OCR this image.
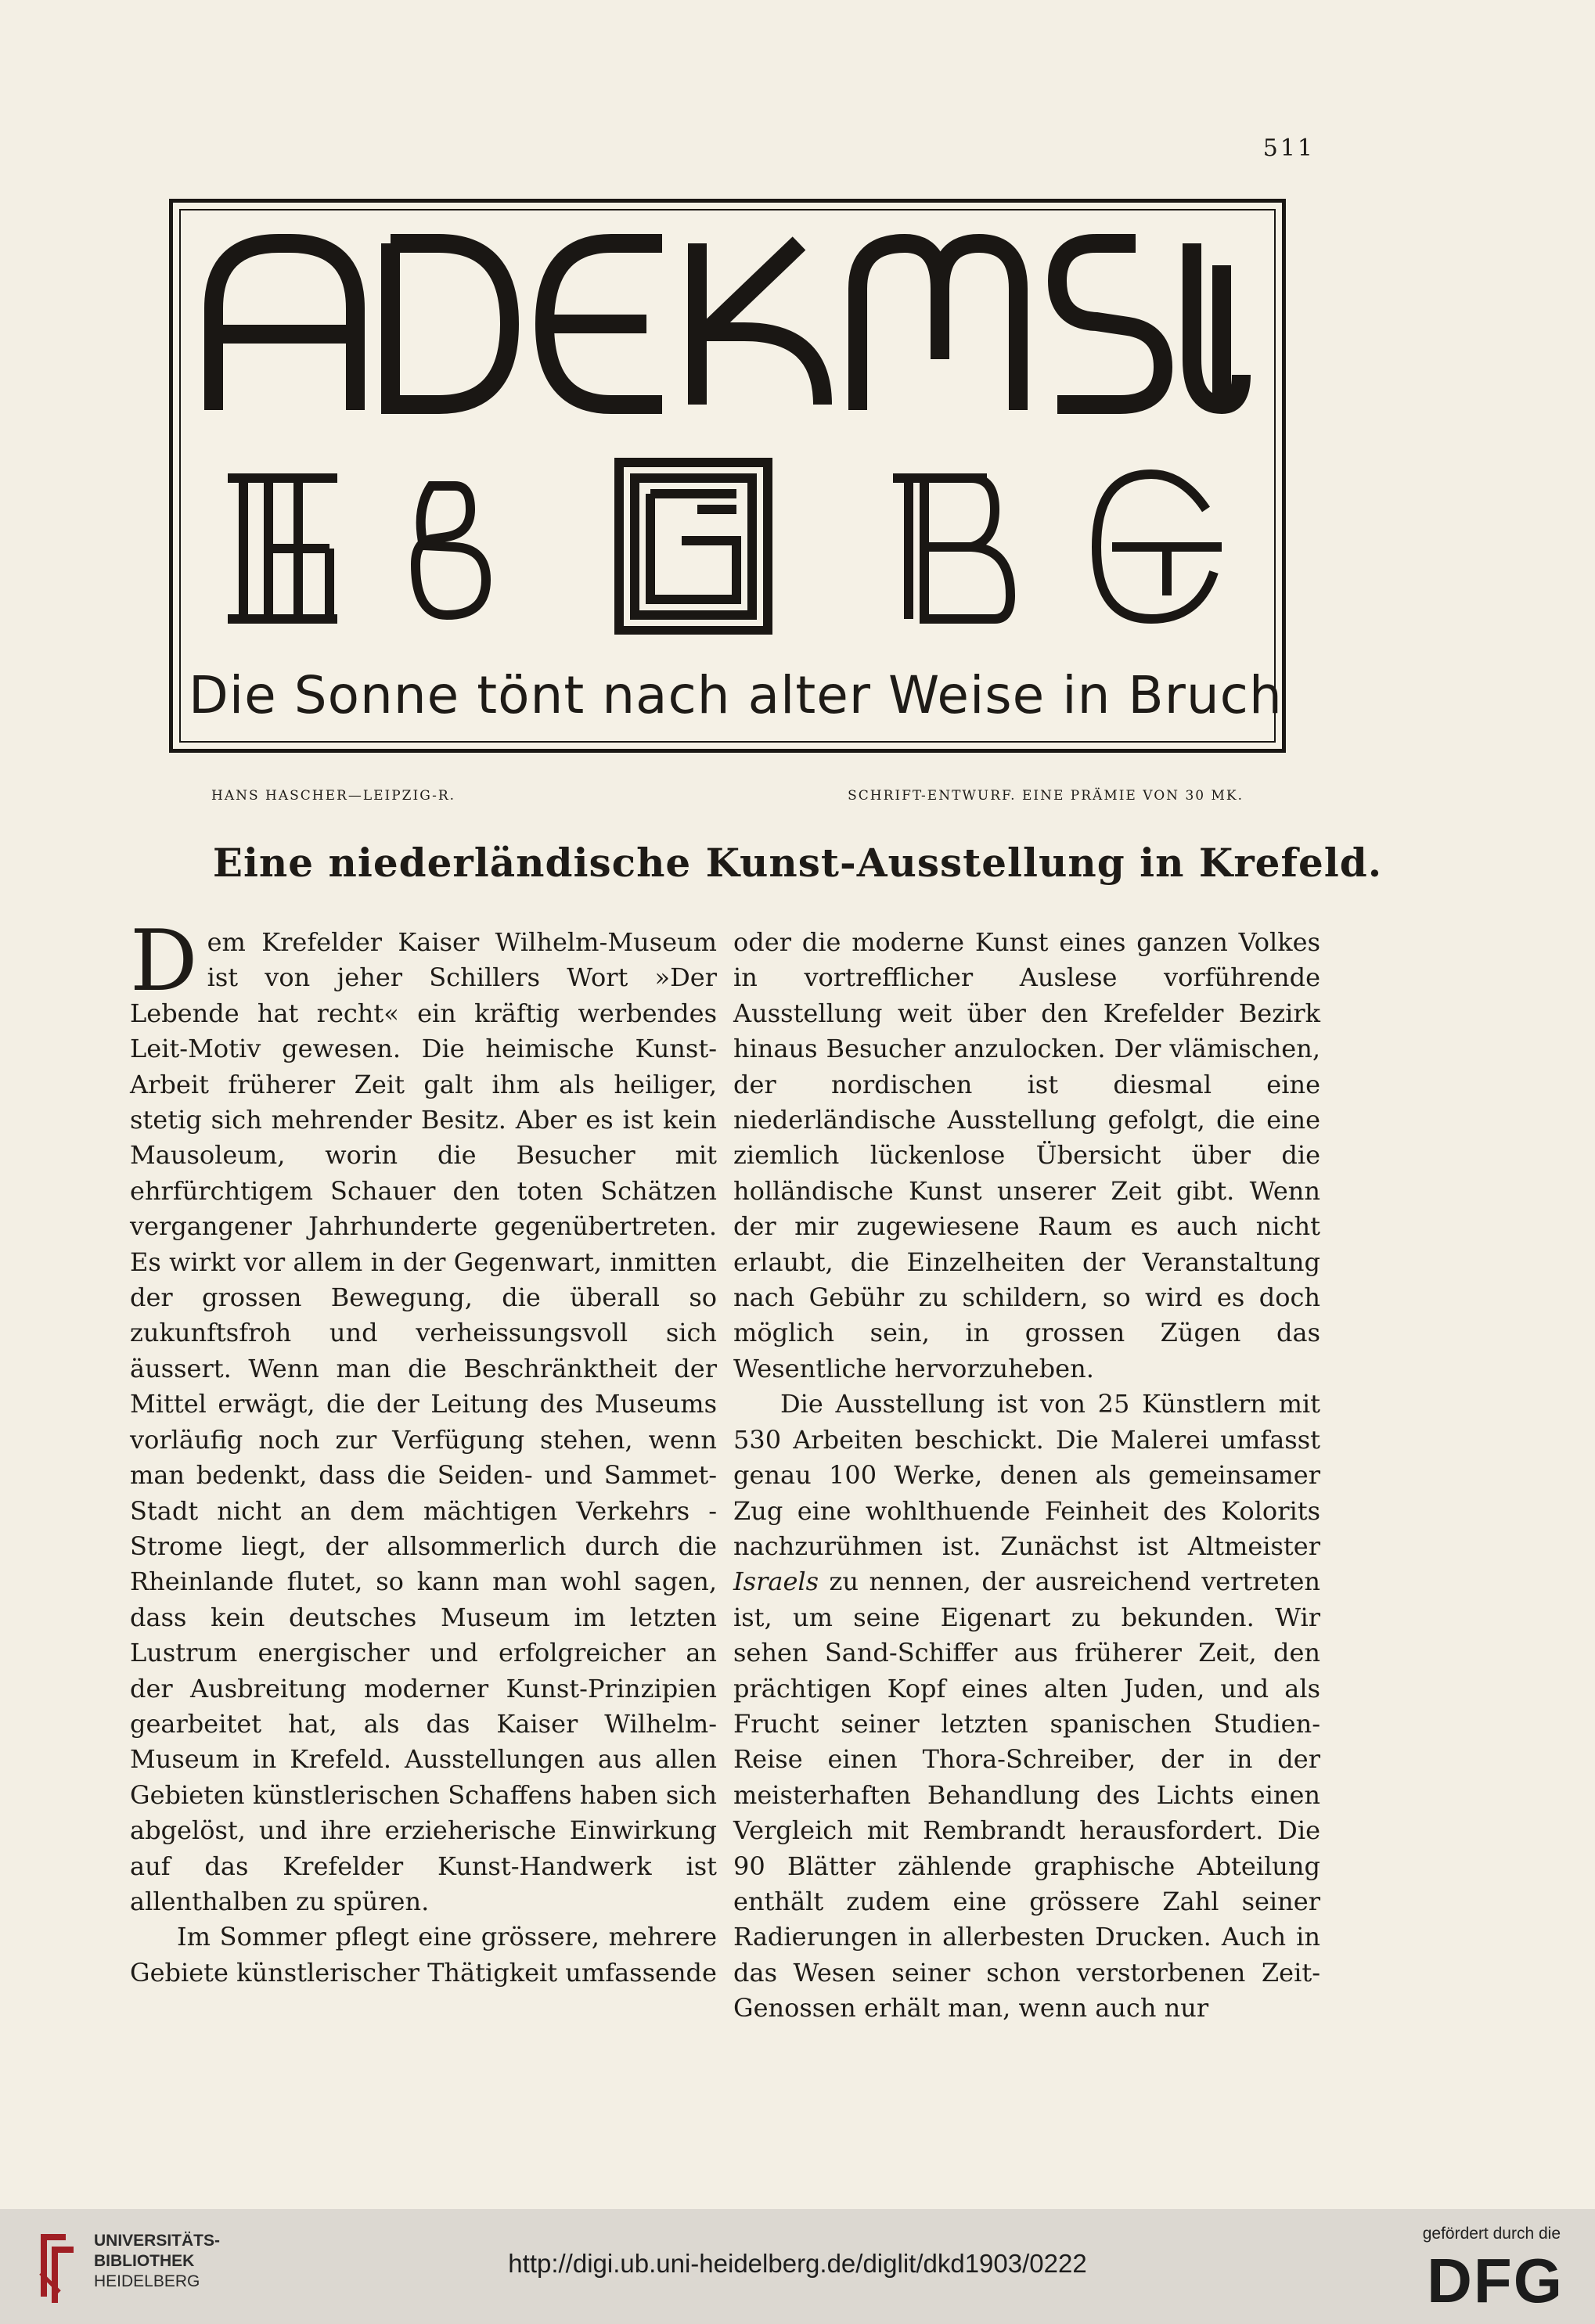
511
Die Sonne tönt nach alter Weise in Bruch
HANS HASCHER—LEIPZIG-R.	SCHRIFT-ENTWURF. EINE PRÄMIE VON 30 MK.
Eine niederländische Kunst-Ausstellung in Krefeld.

Dem Krefelder Kaiser Wilhelm-Museum ist von jeher Schillers Wort »Der Lebende hat recht« ein kräftig werbendes Leit-Motiv gewesen. Die heimische Kunst-Arbeit früherer Zeit galt ihm als heiliger, stetig sich mehrender Besitz. Aber es ist kein Mausoleum, worin die Besucher mit ehrfürchtigem Schauer den toten Schätzen vergangener Jahrhunderte gegenübertreten. Es wirkt vor allem in der Gegenwart, inmitten der grossen Bewegung, die überall so zukunftsfroh und verheissungsvoll sich äussert. Wenn man die Beschränktheit der Mittel erwägt, die der Leitung des Museums vorläufig noch zur Verfügung stehen, wenn man bedenkt, dass die Seiden- und Sammet-Stadt nicht an dem mächtigen Verkehrs - Strome liegt, der allsommerlich durch die Rheinlande flutet, so kann man wohl sagen, dass kein deutsches Museum im letzten Lustrum energischer und erfolgreicher an der Ausbreitung moderner Kunst-Prinzipien gearbeitet hat, als das Kaiser Wilhelm-Museum in Krefeld. Ausstellungen aus allen Gebieten künstlerischen Schaffens haben sich abgelöst, und ihre erzieherische Einwirkung auf das Krefelder Kunst-Handwerk ist allenthalben zu spüren.

Im Sommer pflegt eine grössere, mehrere Gebiete künstlerischer Thätigkeit umfassende

oder die moderne Kunst eines ganzen Volkes in vortrefflicher Auslese vorführende Ausstellung weit über den Krefelder Bezirk hinaus Besucher anzulocken. Der vlämischen, der nordischen ist diesmal eine niederländische Ausstellung gefolgt, die eine ziemlich lückenlose Übersicht über die holländische Kunst unserer Zeit gibt. Wenn der mir zugewiesene Raum es auch nicht erlaubt, die Einzelheiten der Veranstaltung nach Gebühr zu schildern, so wird es doch möglich sein, in grossen Zügen das Wesentliche hervorzuheben.

Die Ausstellung ist von 25 Künstlern mit 530 Arbeiten beschickt. Die Malerei umfasst genau 100 Werke, denen als gemeinsamer Zug eine wohlthuende Feinheit des Kolorits nachzurühmen ist. Zunächst ist Altmeister Israels zu nennen, der ausreichend vertreten ist, um seine Eigenart zu bekunden. Wir sehen Sand-Schiffer aus früherer Zeit, den prächtigen Kopf eines alten Juden, und als Frucht seiner letzten spanischen Studien-Reise einen Thora-Schreiber, der in der meisterhaften Behandlung des Lichts einen Vergleich mit Rembrandt herausfordert. Die 90 Blätter zählende graphische Abteilung enthält zudem eine grössere Zahl seiner Radierungen in allerbesten Drucken. Auch in das Wesen seiner schon verstorbenen Zeit-Genossen erhält man, wenn auch nur

UNIVERSITÄTS-
BIBLIOTHEK
HEIDELBERG
http://digi.ub.uni-heidelberg.de/diglit/dkd1903/0222
gefördert durch die
DFG
